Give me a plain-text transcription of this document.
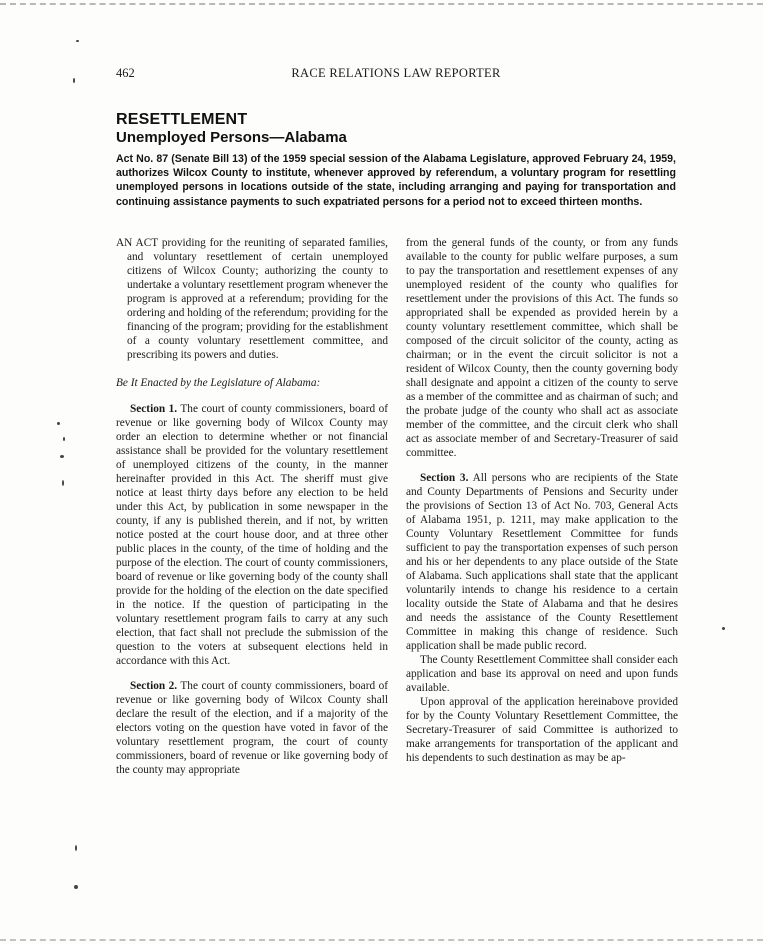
462	RACE RELATIONS LAW REPORTER
RESETTLEMENT
Unemployed Persons—Alabama
Act No. 87 (Senate Bill 13) of the 1959 special session of the Alabama Legislature, approved February 24, 1959, authorizes Wilcox County to institute, whenever approved by referendum, a voluntary program for resettling unemployed persons in locations outside of the state, including arranging and paying for transportation and continuing assistance payments to such expatriated persons for a period not to exceed thirteen months.

AN ACT providing for the reuniting of separated families, and voluntary resettlement of certain unemployed citizens of Wilcox County; authorizing the county to undertake a voluntary resettlement program whenever the program is approved at a referendum; providing for the ordering and holding of the referendum; providing for the financing of the program; providing for the establishment of a county voluntary resettlement committee, and prescribing its powers and duties.

Be It Enacted by the Legislature of Alabama:

Section 1. The court of county commissioners, board of revenue or like governing body of Wilcox County may order an election to determine whether or not financial assistance shall be provided for the voluntary resettlement of unemployed citizens of the county, in the manner hereinafter provided in this Act. The sheriff must give notice at least thirty days before any election to be held under this Act, by publication in some newspaper in the county, if any is published therein, and if not, by written notice posted at the court house door, and at three other public places in the county, of the time of holding and the purpose of the election. The court of county commissioners, board of revenue or like governing body of the county shall provide for the holding of the election on the date specified in the notice. If the question of participating in the voluntary resettlement program fails to carry at any such election, that fact shall not preclude the submission of the question to the voters at subsequent elections held in accordance with this Act.

Section 2. The court of county commissioners, board of revenue or like governing body of Wilcox County shall declare the result of the election, and if a majority of the electors voting on the question have voted in favor of the voluntary resettlement program, the court of county commissioners, board of revenue or like governing body of the county may appropriate

from the general funds of the county, or from any funds available to the county for public welfare purposes, a sum to pay the transportation and resettlement expenses of any unemployed resident of the county who qualifies for resettlement under the provisions of this Act. The funds so appropriated shall be expended as provided herein by a county voluntary resettlement committee, which shall be composed of the circuit solicitor of the county, acting as chairman; or in the event the circuit solicitor is not a resident of Wilcox County, then the county governing body shall designate and appoint a citizen of the county to serve as a member of the committee and as chairman of such; and the probate judge of the county who shall act as associate member of the committee, and the circuit clerk who shall act as associate member of and Secretary-Treasurer of said committee.

Section 3. All persons who are recipients of the State and County Departments of Pensions and Security under the provisions of Section 13 of Act No. 703, General Acts of Alabama 1951, p. 1211, may make application to the County Voluntary Resettlement Committee for funds sufficient to pay the transportation expenses of such person and his or her dependents to any place outside of the State of Alabama. Such applications shall state that the applicant voluntarily intends to change his residence to a certain locality outside the State of Alabama and that he desires and needs the assistance of the County Resettlement Committee in making this change of residence. Such application shall be made public record.

The County Resettlement Committee shall consider each application and base its approval on need and upon funds available.

Upon approval of the application hereinabove provided for by the County Voluntary Resettlement Committee, the Secretary-Treasurer of said Committee is authorized to make arrangements for transportation of the applicant and his dependents to such destination as may be ap-
